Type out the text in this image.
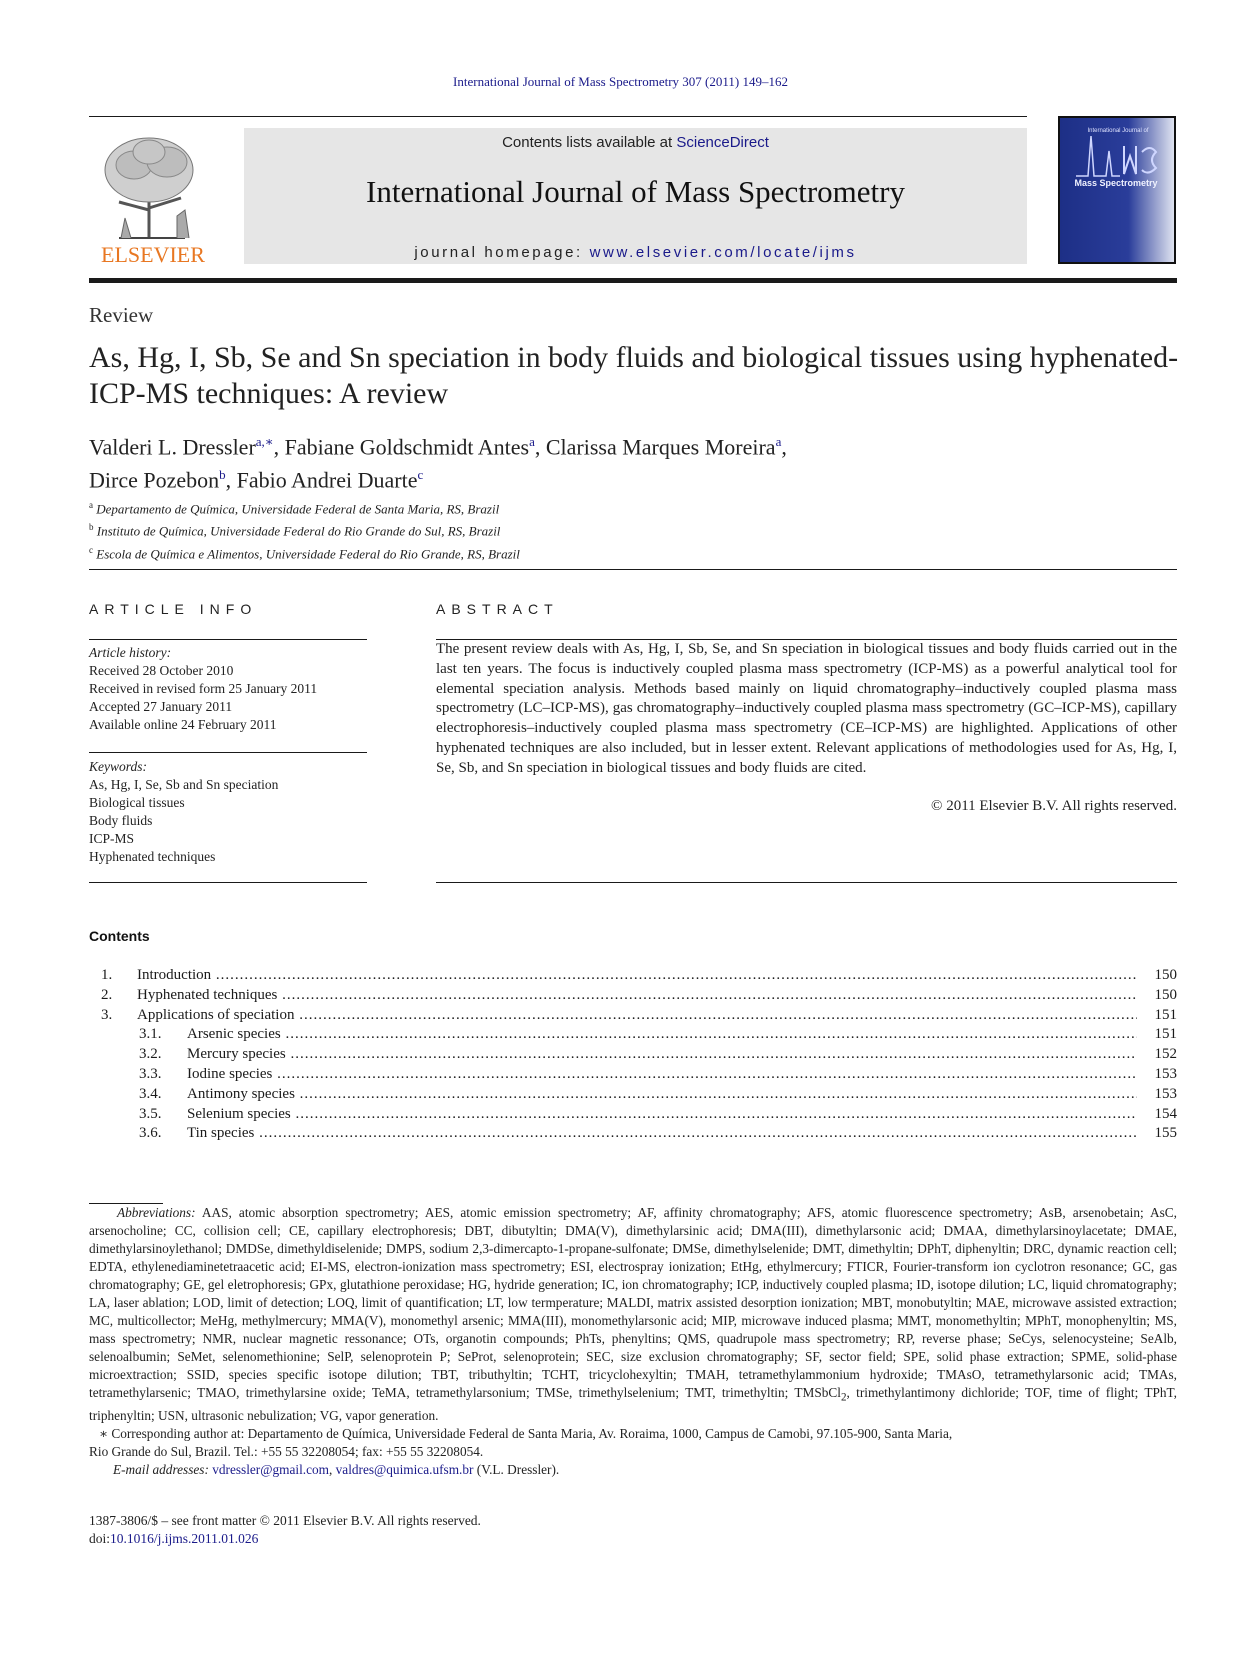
International Journal of Mass Spectrometry 307 (2011) 149–162
ELSEVIER
Contents lists available at ScienceDirect
International Journal of Mass Spectrometry
journal homepage: www.elsevier.com/locate/ijms
International Journal of
Mass Spectrometry
Review
As, Hg, I, Sb, Se and Sn speciation in body fluids and biological tissues using hyphenated-ICP-MS techniques: A review
Valderi L. Dressler$^{a,∗}$, Fabiane Goldschmidt Antes$^a$, Clarissa Marques Moreira$^a$,
Dirce Pozebon$^b$, Fabio Andrei Duarte$^c$
$^a$ Departamento de Química, Universidade Federal de Santa Maria, RS, Brazil
$^b$ Instituto de Química, Universidade Federal do Rio Grande do Sul, RS, Brazil
$^c$ Escola de Química e Alimentos, Universidade Federal do Rio Grande, RS, Brazil
ARTICLE INFO
Article history:
Received 28 October 2010
Received in revised form 25 January 2011
Accepted 27 January 2011
Available online 24 February 2011
Keywords:
As, Hg, I, Se, Sb and Sn speciation
Biological tissues
Body fluids
ICP-MS
Hyphenated techniques
ABSTRACT
The present review deals with As, Hg, I, Sb, Se, and Sn speciation in biological tissues and body fluids carried out in the last ten years. The focus is inductively coupled plasma mass spectrometry (ICP-MS) as a powerful analytical tool for elemental speciation analysis. Methods based mainly on liquid chromatography–inductively coupled plasma mass spectrometry (LC–ICP-MS), gas chromatography–inductively coupled plasma mass spectrometry (GC–ICP-MS), capillary electrophoresis–inductively coupled plasma mass spectrometry (CE–ICP-MS) are highlighted. Applications of other hyphenated techniques are also included, but in lesser extent. Relevant applications of methodologies used for As, Hg, I, Se, Sb, and Sn speciation in biological tissues and body fluids are cited.
© 2011 Elsevier B.V. All rights reserved.
Contents
1. Introduction .....	150
2. Hyphenated techniques .....	150
3. Applications of speciation .....	151
3.1. Arsenic species .....	151
3.2. Mercury species .....	152
3.3. Iodine species .....	153
3.4. Antimony species .....	153
3.5. Selenium species .....	154
3.6. Tin species .....	155

Abbreviations: AAS, atomic absorption spectrometry; AES, atomic emission spectrometry; AF, affinity chromatography; AFS, atomic fluorescence spectrometry; AsB, arsenobetain; AsC, arsenocholine; CC, collision cell; CE, capillary electrophoresis; DBT, dibutyltin; DMA(V), dimethylarsinic acid; DMA(III), dimethylarsonic acid; DMAA, dimethylarsinoylacetate; DMAE, dimethylarsinoylethanol; DMDSe, dimethyldiselenide; DMPS, sodium 2,3-dimercapto-1-propane-sulfonate; DMSe, dimethylselenide; DMT, dimethyltin; DPhT, diphenyltin; DRC, dynamic reaction cell; EDTA, ethylenediaminetetraacetic acid; EI-MS, electron-ionization mass spectrometry; ESI, electrospray ionization; EtHg, ethylmercury; FTICR, Fourier-transform ion cyclotron resonance; GC, gas chromatography; GE, gel eletrophoresis; GPx, glutathione peroxidase; HG, hydride generation; IC, ion chromatography; ICP, inductively coupled plasma; ID, isotope dilution; LC, liquid chromatography; LA, laser ablation; LOD, limit of detection; LOQ, limit of quantification; LT, low termperature; MALDI, matrix assisted desorption ionization; MBT, monobutyltin; MAE, microwave assisted extraction; MC, multicollector; MeHg, methylmercury; MMA(V), monomethyl arsenic; MMA(III), monomethylarsonic acid; MIP, microwave induced plasma; MMT, monomethyltin; MPhT, monophenyltin; MS, mass spectrometry; NMR, nuclear magnetic ressonance; OTs, organotin compounds; PhTs, phenyltins; QMS, quadrupole mass spectrometry; RP, reverse phase; SeCys, selenocysteine; SeAlb, selenoalbumin; SeMet, selenomethionine; SelP, selenoprotein P; SeProt, selenoprotein; SEC, size exclusion chromatography; SF, sector field; SPE, solid phase extraction; SPME, solid-phase microextraction; SSID, species specific isotope dilution; TBT, tributhyltin; TCHT, tricyclohexyltin; TMAH, tetramethylammonium hydroxide; TMAsO, tetramethylarsonic acid; TMAs, tetramethylarsenic; TMAO, trimethylarsine oxide; TeMA, tetramethylarsonium; TMSe, trimethylselenium; TMT, trimethyltin; TMSbCl$_2$, trimethylantimony dichloride; TOF, time of flight; TPhT, triphenyltin; USN, ultrasonic nebulization; VG, vapor generation.

∗ Corresponding author at: Departamento de Química, Universidade Federal de Santa Maria, Av. Roraima, 1000, Campus de Camobi, 97.105-900, Santa Maria,

Rio Grande do Sul, Brazil. Tel.: +55 55 32208054; fax: +55 55 32208054.

E-mail addresses: vdressler@gmail.com, valdres@quimica.ufsm.br (V.L. Dressler).

1387-3806/$ – see front matter © 2011 Elsevier B.V. All rights reserved.
doi:10.1016/j.ijms.2011.01.026
